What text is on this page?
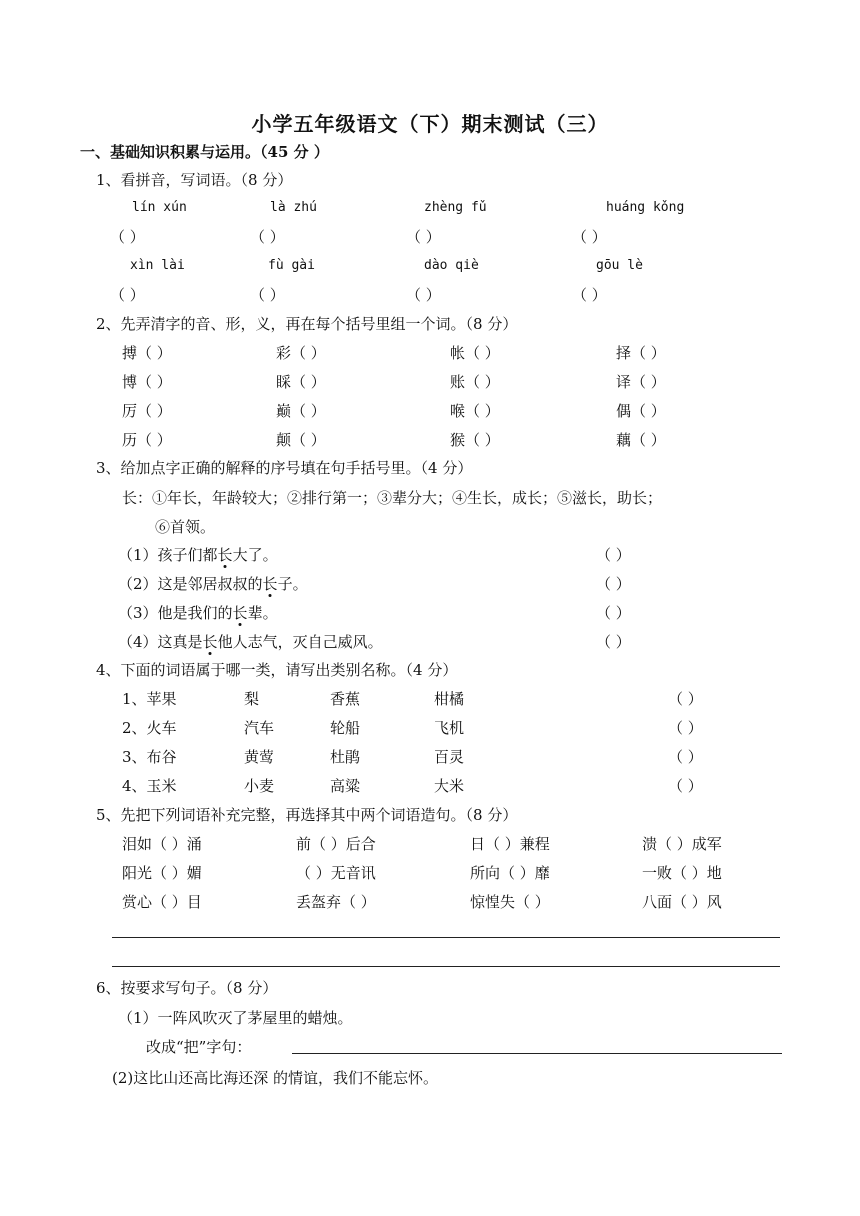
小学五年级语文（下）期末测试（三）
一、基础知识积累与运用。（45 分 ）
1、看拼音，写词语。（8 分）
lín xún	là zhú	zhèng fǔ	huáng kǒng
（ ）	（ ）	（ ）	（ ）
xìn lài	fù gài	dào qiè	gōu lè
（ ）	（ ）	（ ）	（ ）
2、先弄清字的音、形，义，再在每个括号里组一个词。（8 分）
搏（ ）	彩（ ）	帐（ ）	择（ ）
博（ ）	睬（ ）	账（ ）	译（ ）
厉（ ）	巅（ ）	喉（ ）	偶（ ）
历（ ）	颠（ ）	猴（ ）	藕（ ）
3、给加点字正确的解释的序号填在句手括号里。（4 分）
长：①年长，年龄较大；②排行第一；③辈分大；④生长，成长；⑤滋长，助长；
⑥首领。
（1）孩子们都长大了。	（ ）
（2）这是邻居叔叔的长子。	（ ）
（3）他是我们的长辈。	（ ）
（4）这真是长他人志气，灭自己威风。	（ ）
4、下面的词语属于哪一类，请写出类别名称。（4 分）
1、苹果	梨	香蕉	柑橘	（ ）
2、火车	汽车	轮船	飞机	（ ）
3、布谷	黄莺	杜鹃	百灵	（ ）
4、玉米	小麦	高粱	大米	（ ）
5、先把下列词语补充完整，再选择其中两个词语造句。（8 分）
泪如（ ）涌	前（ ）后合	日（ ）兼程	溃（ ）成军
阳光（ ）媚	（ ）无音讯	所向（ ）靡	一败（ ）地
赏心（ ）目	丢盔弃（ ）	惊惶失（ ）	八面（ ）风
6、按要求写句子。（8 分）
（1）一阵风吹灭了茅屋里的蜡烛。
改成“把”字句：
(2)这比山还高比海还深 的情谊，我们不能忘怀。
